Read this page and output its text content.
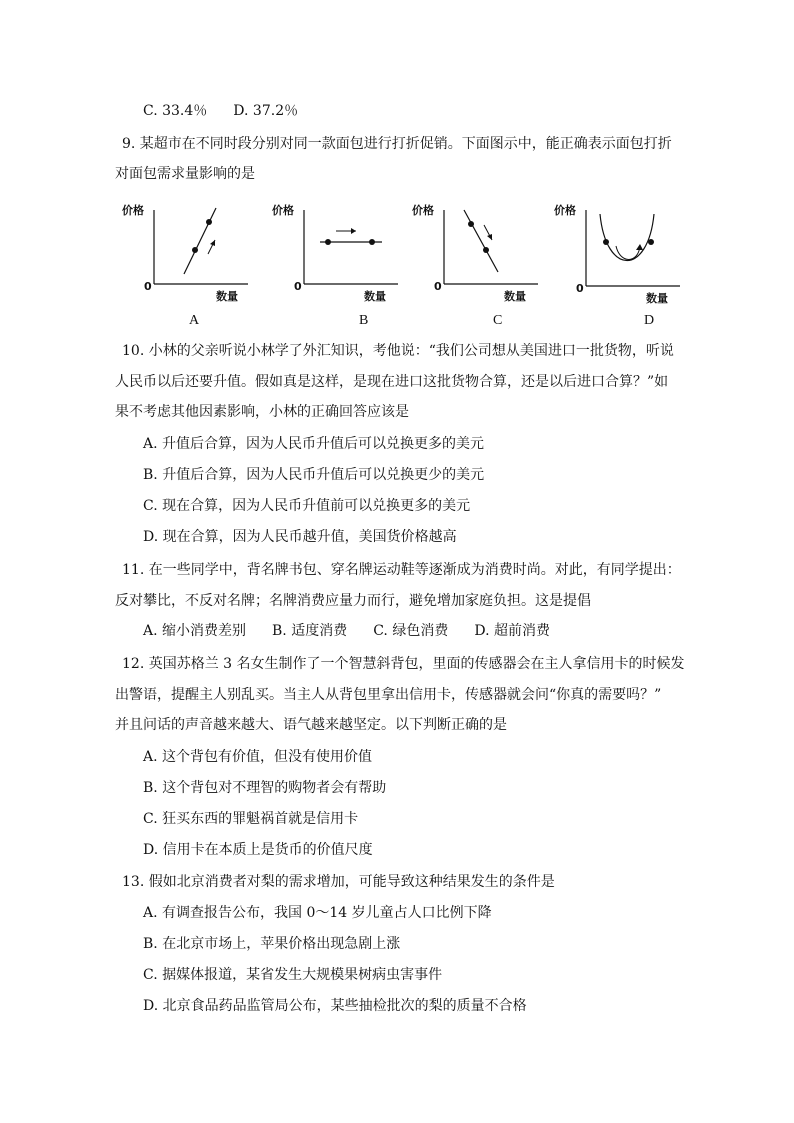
C. 33.4％ D. 37.2％
9. 某超市在不同时段分别对同一款面包进行打折促销。下面图示中，能正确表示面包打折
对面包需求量影响的是
价格
0
数量
A
价格
0
数量
B
价格
0
数量
C
价格
0
数量
D
10. 小林的父亲听说小林学了外汇知识，考他说：“我们公司想从美国进口一批货物，听说
人民币以后还要升值。假如真是这样，是现在进口这批货物合算，还是以后进口合算？”如
果不考虑其他因素影响，小林的正确回答应该是
A. 升值后合算，因为人民币升值后可以兑换更多的美元
B. 升值后合算，因为人民币升值后可以兑换更少的美元
C. 现在合算，因为人民币升值前可以兑换更多的美元
D. 现在合算，因为人民币越升值，美国货价格越高
11. 在一些同学中，背名牌书包、穿名牌运动鞋等逐渐成为消费时尚。对此，有同学提出：
反对攀比，不反对名牌；名牌消费应量力而行，避免增加家庭负担。这是提倡
A. 缩小消费差别 B. 适度消费 C. 绿色消费 D. 超前消费
12. 英国苏格兰 3 名女生制作了一个智慧斜背包，里面的传感器会在主人拿信用卡的时候发
出警语，提醒主人别乱买。当主人从背包里拿出信用卡，传感器就会问“你真的需要吗？”
并且问话的声音越来越大、语气越来越坚定。以下判断正确的是
A. 这个背包有价值，但没有使用价值
B. 这个背包对不理智的购物者会有帮助
C. 狂买东西的罪魁祸首就是信用卡
D. 信用卡在本质上是货币的价值尺度
13. 假如北京消费者对梨的需求增加，可能导致这种结果发生的条件是
A. 有调查报告公布，我国 0～14 岁儿童占人口比例下降
B. 在北京市场上，苹果价格出现急剧上涨
C. 据媒体报道，某省发生大规模果树病虫害事件
D. 北京食品药品监管局公布，某些抽检批次的梨的质量不合格
